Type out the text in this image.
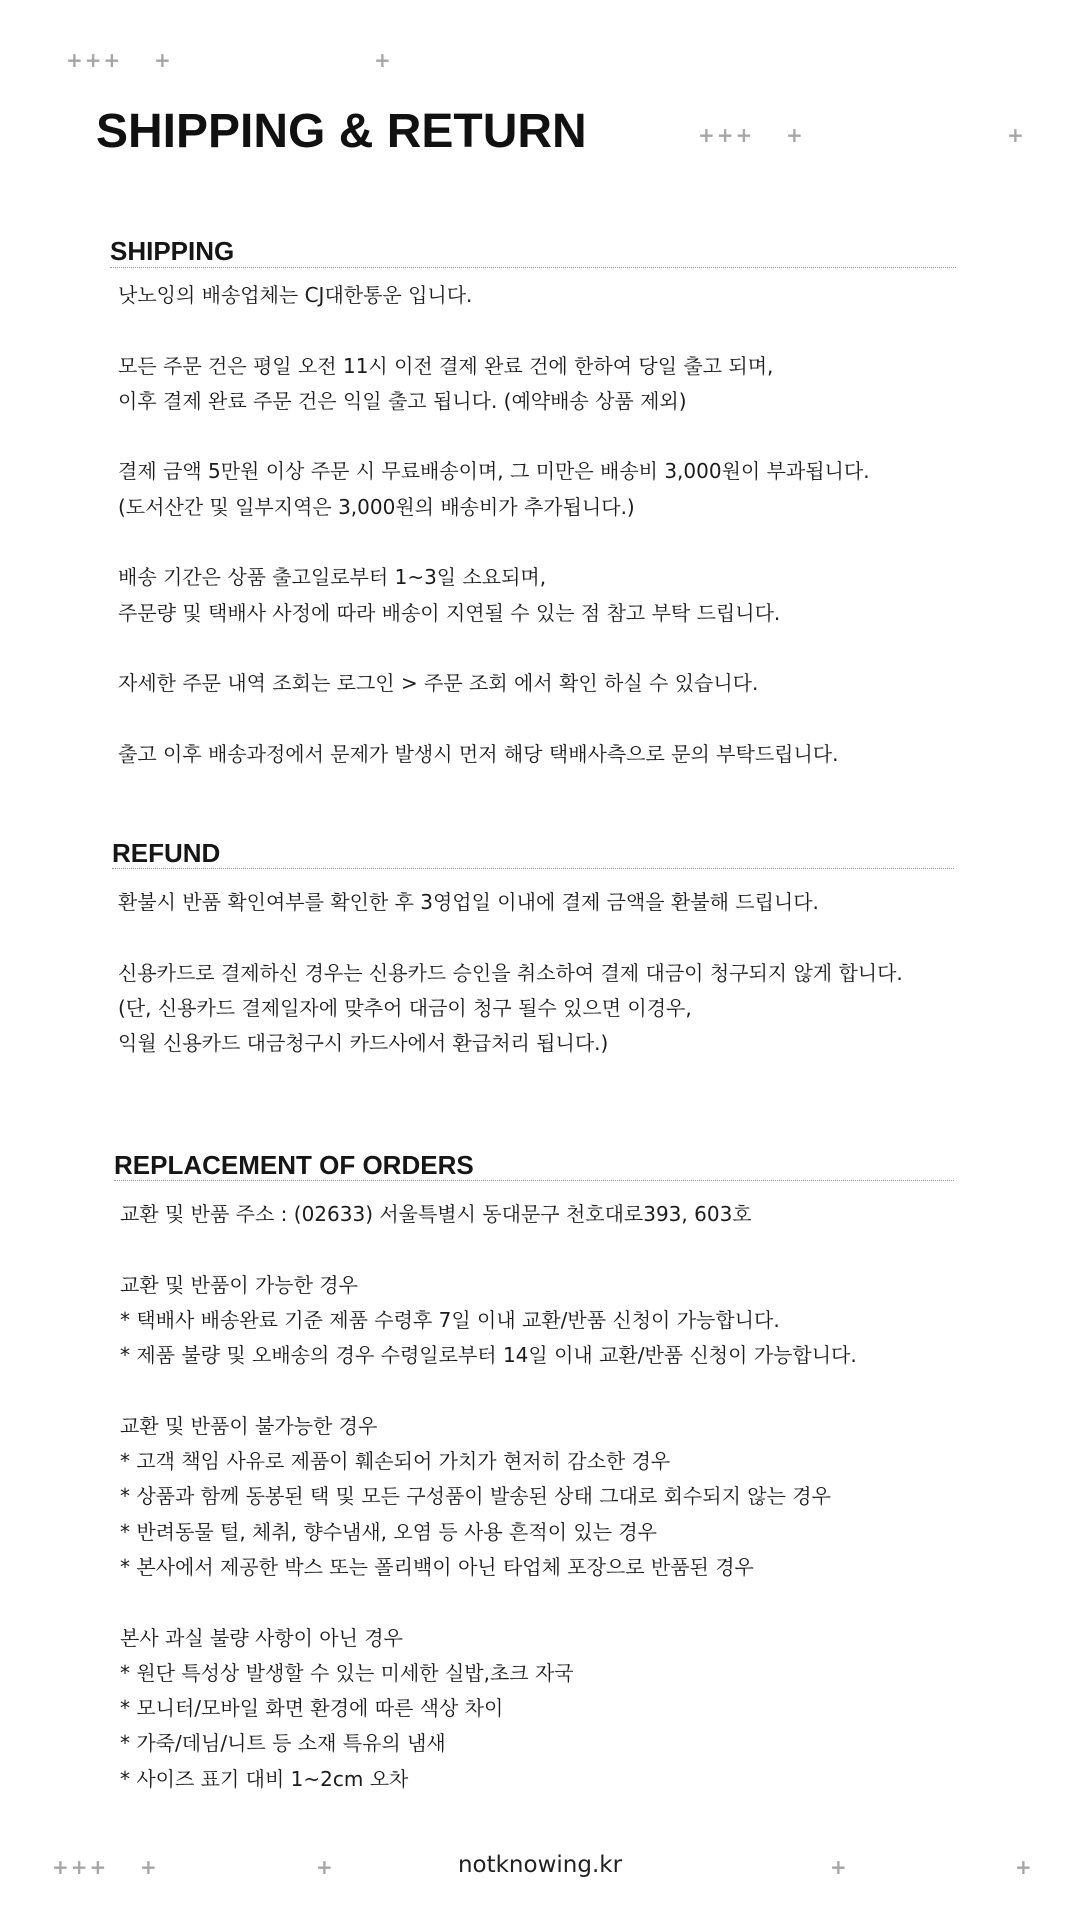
+++ +	+
+++ +	+
SHIPPING & RETURN
SHIPPING
낫노잉의 배송업체는 CJ대한통운 입니다.
모든 주문 건은 평일 오전 11시 이전 결제 완료 건에 한하여 당일 출고 되며,
이후 결제 완료 주문 건은 익일 출고 됩니다. (예약배송 상품 제외)
결제 금액 5만원 이상 주문 시 무료배송이며, 그 미만은 배송비 3,000원이 부과됩니다.
(도서산간 및 일부지역은 3,000원의 배송비가 추가됩니다.)
배송 기간은 상품 출고일로부터 1~3일 소요되며,
주문량 및 택배사 사정에 따라 배송이 지연될 수 있는 점 참고 부탁 드립니다.
자세한 주문 내역 조회는 로그인 > 주문 조회 에서 확인 하실 수 있습니다.
출고 이후 배송과정에서 문제가 발생시 먼저 해당 택배사측으로 문의 부탁드립니다.
REFUND
환불시 반품 확인여부를 확인한 후 3영업일 이내에 결제 금액을 환불해 드립니다.
신용카드로 결제하신 경우는 신용카드 승인을 취소하여 결제 대금이 청구되지 않게 합니다.
(단, 신용카드 결제일자에 맞추어 대금이 청구 될수 있으면 이경우,
익월 신용카드 대금청구시 카드사에서 환급처리 됩니다.)
REPLACEMENT OF ORDERS
교환 및 반품 주소 : (02633) 서울특별시 동대문구 천호대로393, 603호
교환 및 반품이 가능한 경우
* 택배사 배송완료 기준 제품 수령후 7일 이내 교환/반품 신청이 가능합니다.
* 제품 불량 및 오배송의 경우 수령일로부터 14일 이내 교환/반품 신청이 가능합니다.
교환 및 반품이 불가능한 경우
* 고객 책임 사유로 제품이 훼손되어 가치가 현저히 감소한 경우
* 상품과 함께 동봉된 택 및 모든 구성품이 발송된 상태 그대로 회수되지 않는 경우
* 반려동물 털, 체취, 향수냄새, 오염 등 사용 흔적이 있는 경우
* 본사에서 제공한 박스 또는 폴리백이 아닌 타업체 포장으로 반품된 경우
본사 과실 불량 사항이 아닌 경우
* 원단 특성상 발생할 수 있는 미세한 실밥,초크 자국
* 모니터/모바일 화면 환경에 따른 색상 차이
* 가죽/데님/니트 등 소재 특유의 냄새
* 사이즈 표기 대비 1~2cm 오차
+++ +	+	+	+
notknowing.kr
